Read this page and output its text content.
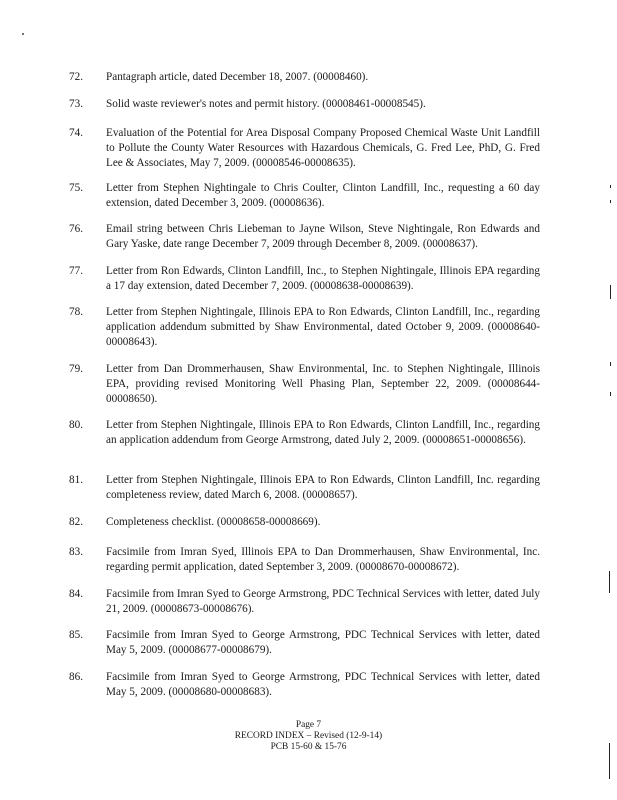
72. Pantagraph article, dated December 18, 2007. (00008460).
73. Solid waste reviewer's notes and permit history. (00008461-00008545).
74. Evaluation of the Potential for Area Disposal Company Proposed Chemical Waste Unit Landfill to Pollute the County Water Resources with Hazardous Chemicals, G. Fred Lee, PhD, G. Fred Lee & Associates, May 7, 2009. (00008546-00008635).
75. Letter from Stephen Nightingale to Chris Coulter, Clinton Landfill, Inc., requesting a 60 day extension, dated December 3, 2009. (00008636).
76. Email string between Chris Liebeman to Jayne Wilson, Steve Nightingale, Ron Edwards and Gary Yaske, date range December 7, 2009 through December 8, 2009. (00008637).
77. Letter from Ron Edwards, Clinton Landfill, Inc., to Stephen Nightingale, Illinois EPA regarding a 17 day extension, dated December 7, 2009. (00008638-00008639).
78. Letter from Stephen Nightingale, Illinois EPA to Ron Edwards, Clinton Landfill, Inc., regarding application addendum submitted by Shaw Environmental, dated October 9, 2009. (00008640-00008643).
79. Letter from Dan Drommerhausen, Shaw Environmental, Inc. to Stephen Nightingale, Illinois EPA, providing revised Monitoring Well Phasing Plan, September 22, 2009. (00008644-00008650).
80. Letter from Stephen Nightingale, Illinois EPA to Ron Edwards, Clinton Landfill, Inc., regarding an application addendum from George Armstrong, dated July 2, 2009. (00008651-00008656).
81. Letter from Stephen Nightingale, Illinois EPA to Ron Edwards, Clinton Landfill, Inc. regarding completeness review, dated March 6, 2008. (00008657).
82. Completeness checklist. (00008658-00008669).
83. Facsimile from Imran Syed, Illinois EPA to Dan Drommerhausen, Shaw Environmental, Inc. regarding permit application, dated September 3, 2009. (00008670-00008672).
84. Facsimile from Imran Syed to George Armstrong, PDC Technical Services with letter, dated July 21, 2009. (00008673-00008676).
85. Facsimile from Imran Syed to George Armstrong, PDC Technical Services with letter, dated May 5, 2009. (00008677-00008679).
86. Facsimile from Imran Syed to George Armstrong, PDC Technical Services with letter, dated May 5, 2009. (00008680-00008683).
Page 7
RECORD INDEX – Revised (12-9-14)
PCB 15-60 & 15-76
